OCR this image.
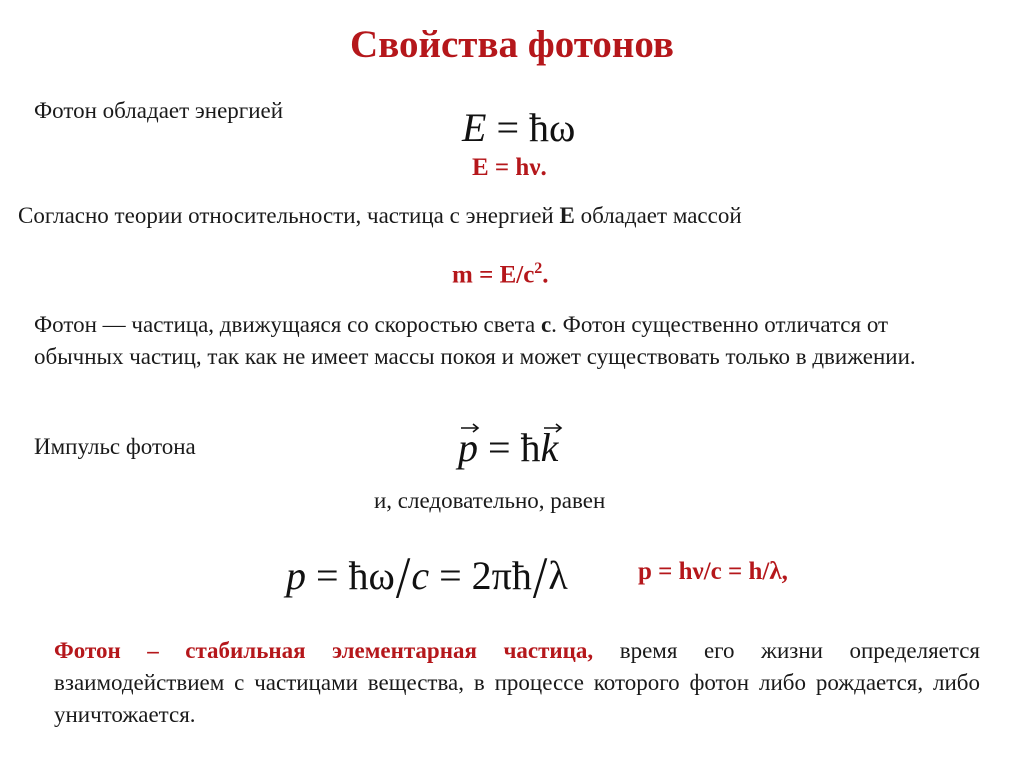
Свойства фотонов
Фотон обладает энергией	E = ħω
E = hν.
Согласно теории относительности, частица с энергией E обладает массой
$m = E/c^2$.
Фотон — частица, движущаяся со скоростью света с. Фотон существенно отличатся от обычных частиц, так как не имеет массы покоя и может существовать только в движении.
Импульс фотона	p
= ħk
и, следовательно, равен
p = ħω/c = 2πħ/λ	p = hν/c = h/λ,
Фотон – стабильная элементарная частица, время его жизни определяется взаимодействием с частицами вещества, в процессе которого фотон либо рождается, либо уничтожается.
